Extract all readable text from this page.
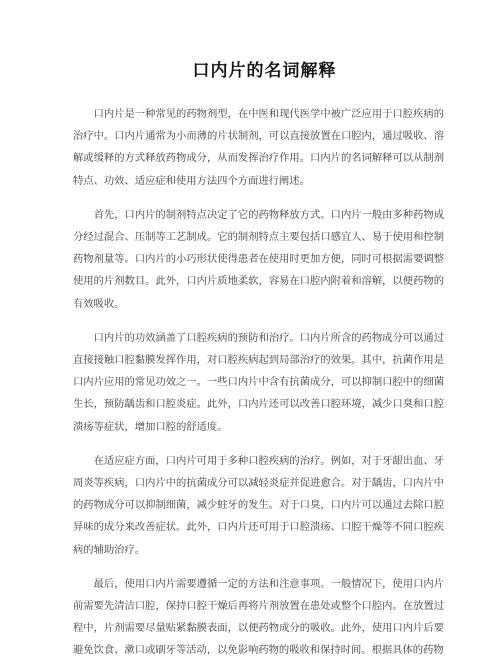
口内片的名词解释

口内片是一种常见的药物剂型，在中医和现代医学中被广泛应用于口腔疾病的治疗中。口内片通常为小而薄的片状制剂，可以直接放置在口腔内，通过吸收、溶解或缓释的方式释放药物成分，从而发挥治疗作用。口内片的名词解释可以从制剂特点、功效、适应症和使用方法四个方面进行阐述。

首先，口内片的制剂特点决定了它的药物释放方式。口内片一般由多种药物成分经过混合、压制等工艺制成。它的制剂特点主要包括口感宜人、易于使用和控制药物剂量等。口内片的小巧形状使得患者在使用时更加方便，同时可根据需要调整使用的片剂数目。此外，口内片质地柔软，容易在口腔内附着和溶解，以便药物的有效吸收。

口内片的功效涵盖了口腔疾病的预防和治疗。口内片所含的药物成分可以通过直接接触口腔黏膜发挥作用，对口腔疾病起到局部治疗的效果。其中，抗菌作用是口内片应用的常见功效之一。一些口内片中含有抗菌成分，可以抑制口腔中的细菌生长，预防龋齿和口腔炎症。此外，口内片还可以改善口腔环境，减少口臭和口腔溃疡等症状，增加口腔的舒适度。

在适应症方面，口内片可用于多种口腔疾病的治疗。例如，对于牙龈出血、牙周炎等疾病，口内片中的抗菌成分可以减轻炎症并促进愈合。对于龋齿，口内片中的药物成分可以抑制细菌，减少蛀牙的发生。对于口臭，口内片可以通过去除口腔异味的成分来改善症状。此外，口内片还可用于口腔溃疡、口腔干燥等不同口腔疾病的辅助治疗。

最后，使用口内片需要遵循一定的方法和注意事项。一般情况下，使用口内片前需要先清洁口腔，保持口腔干燥后再将片剂放置在患处或整个口腔内。在放置过程中，片剂需要尽量贴紧黏膜表面，以便药物成分的吸收。此外，使用口内片后要避免饮食、漱口或刷牙等活动，以免影响药物的吸收和保持时间。根据具体的药物
